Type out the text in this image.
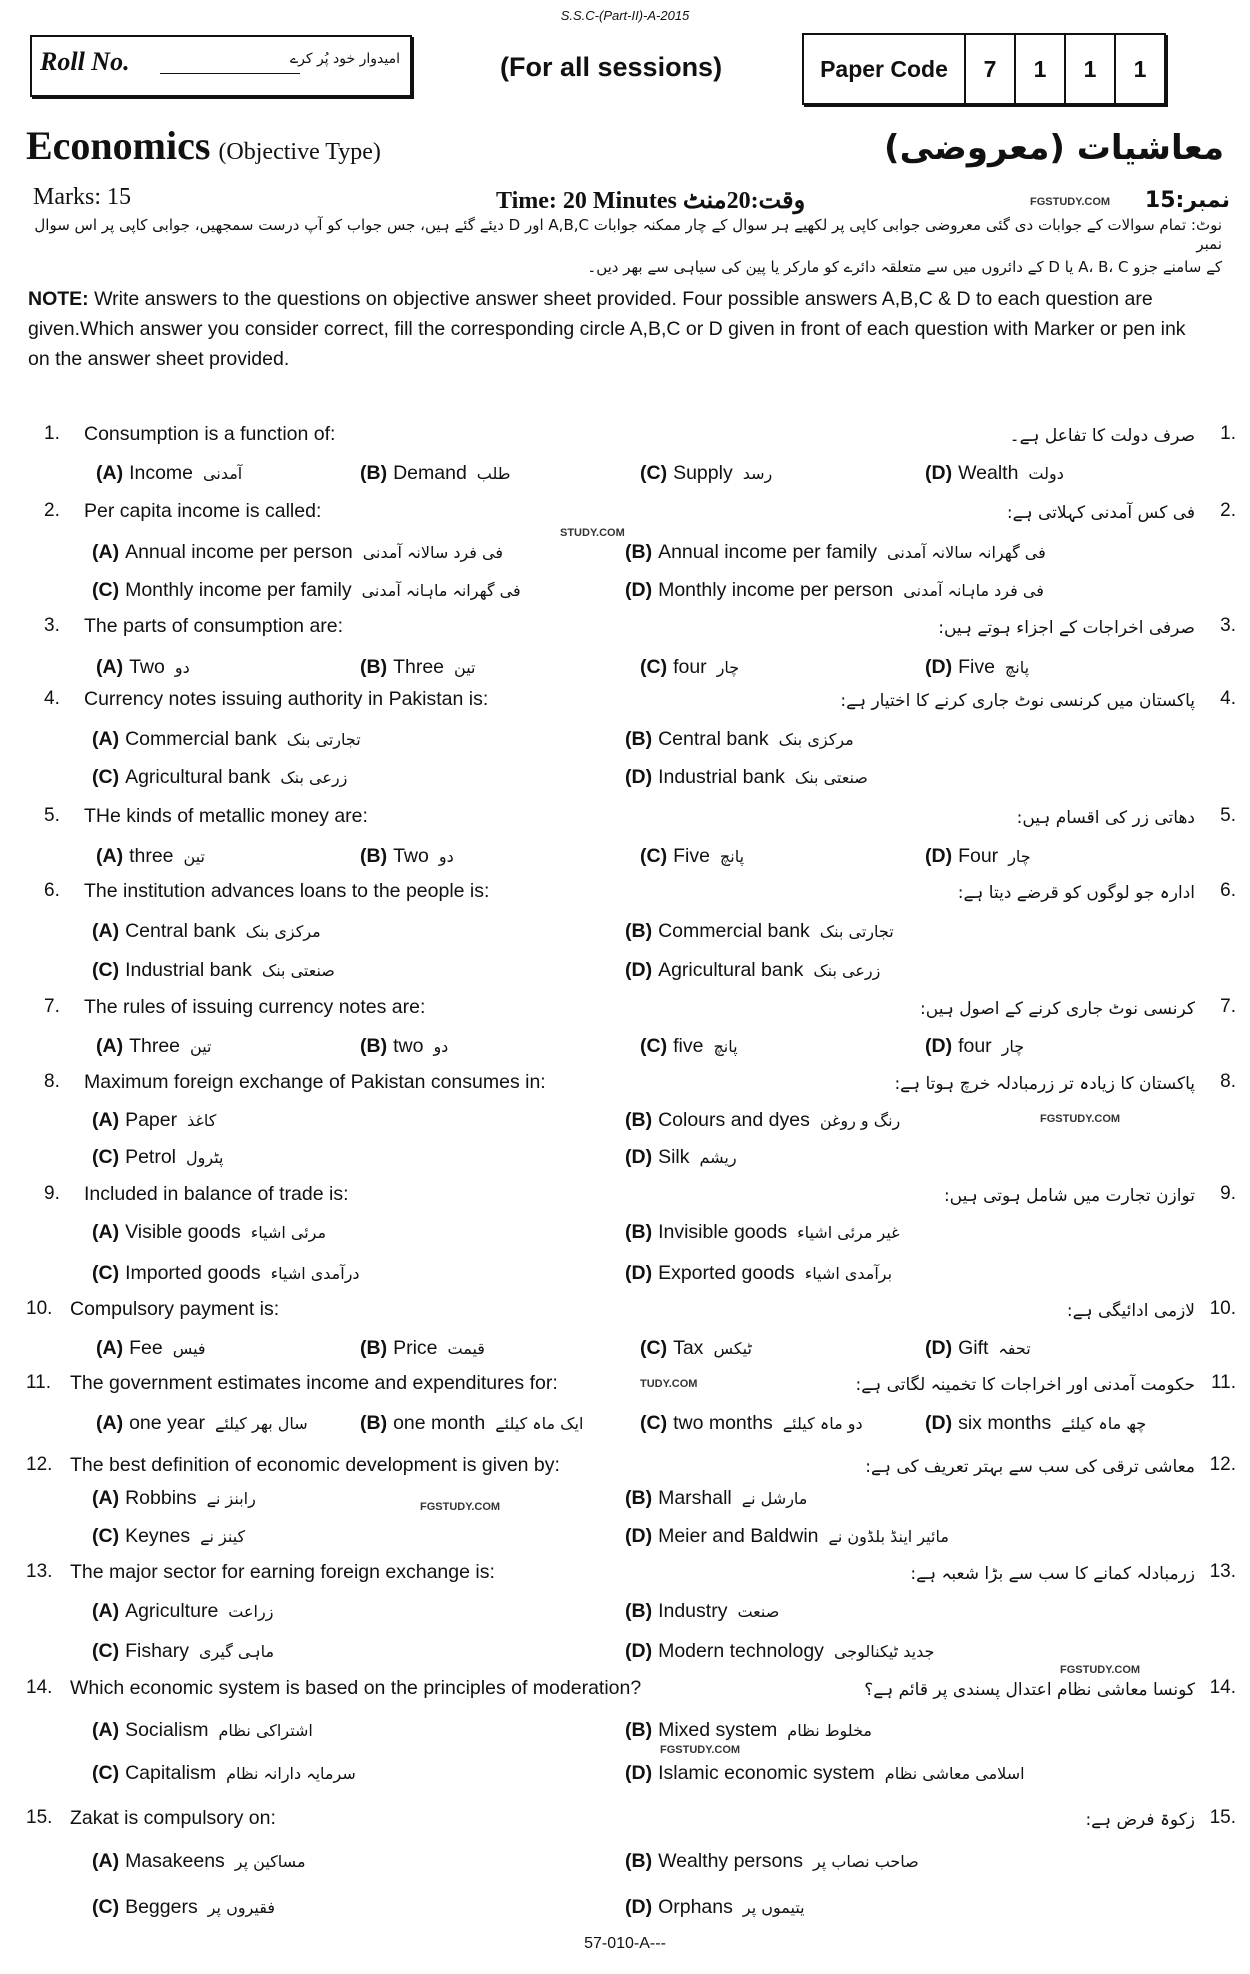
S.S.C-(Part-II)-A-2015
Roll No.	امیدوار خود پُر کرے	(For all sessions)	Paper Code	7	1	1	1
Economics (Objective Type)	معاشیات (معروضی)
Marks: 15	Time: 20 Minutes وقت:20منٹ	نمبر:15
نوٹ: تمام سوالات کے جوابات دی گئی معروضی جوابی کاپی پر لکھیے ہر سوال کے چار ممکنہ جوابات A,B,C اور D دیئے گئے ہیں، جس جواب کو آپ درست سمجھیں، جوابی کاپی پر اس سوال نمبر
کے سامنے جزو A، B، C یا D کے دائروں میں سے متعلقہ دائرے کو مارکر یا پین کی سیاہی سے بھر دیں۔
NOTE: Write answers to the questions on objective answer sheet provided. Four possible answers A,B,C & D to each question are given.Which answer you consider correct, fill the corresponding circle A,B,C or D given in front of each question with Marker or pen ink on the answer sheet provided.
1. Consumption is a function of:	صرف دولت کا تفاعل ہے۔ 1.
(A) Income آمدنی	(B) Demand طلب	(C) Supply رسد	(D) Wealth دولت
2. Per capita income is called:	فی کس آمدنی کہلاتی ہے: 2.
(A) Annual income per person فی فرد سالانہ آمدنی	(B) Annual income per family فی گھرانہ سالانہ آمدنی
(C) Monthly income per family فی گھرانہ ماہانہ آمدنی	(D) Monthly income per person فی فرد ماہانہ آمدنی
3. The parts of consumption are:	صرفی اخراجات کے اجزاء ہوتے ہیں: 3.
(A) Two دو	(B) Three تین	(C) four چار	(D) Five پانچ
4. Currency notes issuing authority in Pakistan is:	پاکستان میں کرنسی نوٹ جاری کرنے کا اختیار ہے: 4.
(A) Commercial bank تجارتی بنک	(B) Central bank مرکزی بنک
(C) Agricultural bank زرعی بنک	(D) Industrial bank صنعتی بنک
5. THe kinds of metallic money are:	دھاتی زر کی اقسام ہیں: 5.
(A) three تین	(B) Two دو	(C) Five پانچ	(D) Four چار
6. The institution advances loans to the people is:	ادارہ جو لوگوں کو قرضے دیتا ہے: 6.
(A) Central bank مرکزی بنک	(B) Commercial bank تجارتی بنک
(C) Industrial bank صنعتی بنک	(D) Agricultural bank زرعی بنک
7. The rules of issuing currency notes are:	کرنسی نوٹ جاری کرنے کے اصول ہیں: 7.
(A) Three تین	(B) two دو	(C) five پانچ	(D) four چار
8. Maximum foreign exchange of Pakistan consumes in:	پاکستان کا زیادہ تر زرمبادلہ خرچ ہوتا ہے: 8.
(A) Paper کاغذ	(B) Colours and dyes رنگ و روغن
(C) Petrol پٹرول	(D) Silk ریشم
9. Included in balance of trade is:	توازن تجارت میں شامل ہوتی ہیں: 9.
(A) Visible goods مرئی اشیاء	(B) Invisible goods غیر مرئی اشیاء
(C) Imported goods درآمدی اشیاء	(D) Exported goods برآمدی اشیاء
10. Compulsory payment is:	لازمی ادائیگی ہے: 10.
(A) Fee فیس	(B) Price قیمت	(C) Tax ٹیکس	(D) Gift تحفہ
11. The government estimates income and expenditures for:	حکومت آمدنی اور اخراجات کا تخمینہ لگاتی ہے: 11.
(A) one year سال بھر کیلئے	(B) one month ایک ماہ کیلئے	(C) two months دو ماہ کیلئے	(D) six months چھ ماہ کیلئے
12. The best definition of economic development is given by:	معاشی ترقی کی سب سے بہتر تعریف کی ہے: 12.
(A) Robbins رابنز نے	(B) Marshall مارشل نے
(C) Keynes کینز نے	(D) Meier and Baldwin مائیر اینڈ بلڈون نے
13. The major sector for earning foreign exchange is:	زرمبادلہ کمانے کا سب سے بڑا شعبہ ہے: 13.
(A) Agriculture زراعت	(B) Industry صنعت
(C) Fishary ماہی گیری	(D) Modern technology جدید ٹیکنالوجی
14. Which economic system is based on the principles of moderation?	کونسا معاشی نظام اعتدال پسندی پر قائم ہے؟ 14.
(A) Socialism اشتراکی نظام	(B) Mixed system مخلوط نظام
(C) Capitalism سرمایہ دارانہ نظام	(D) Islamic economic system اسلامی معاشی نظام
15. Zakat is compulsory on:	زکوۃ فرض ہے: 15.
(A) Masakeens مساکین پر	(B) Wealthy persons صاحب نصاب پر
(C) Beggers فقیروں پر	(D) Orphans یتیموں پر
FGSTUDY.COM
FGSTUDY.COM
FGSTUDY.COM
FGSTUDY.COM
FGSTUDY.COM
TUDY.COM
STUDY.COM
57-010-A---
